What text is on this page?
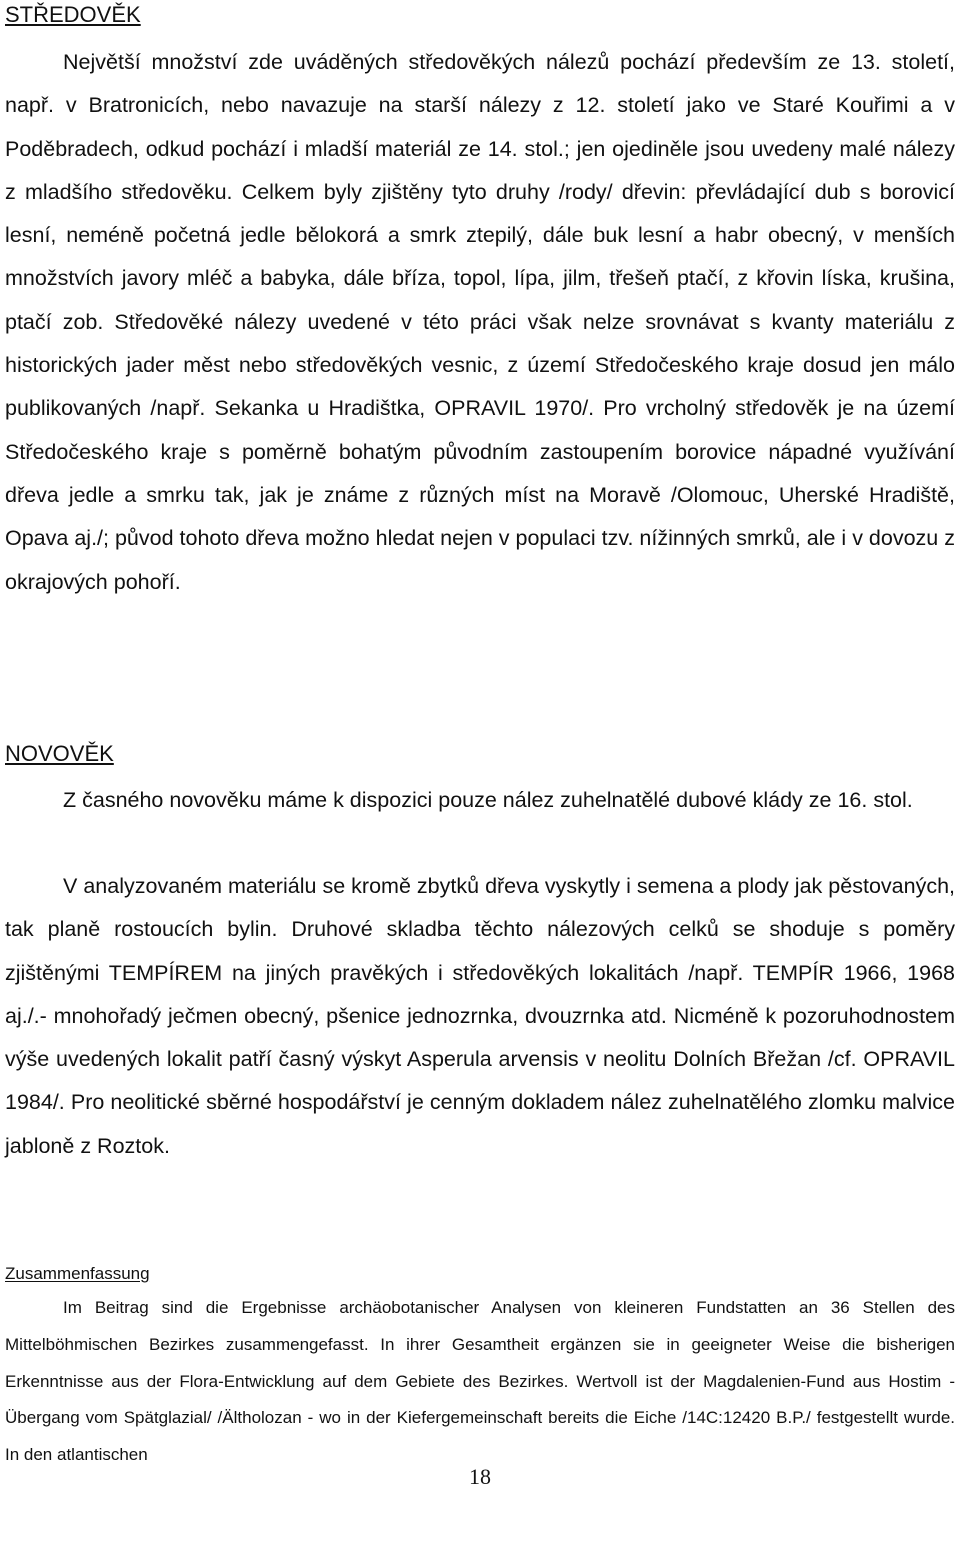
STŘEDOVĚK

Největší množství zde uváděných středověkých nálezů pochází především ze 13. století, např. v Bratronicích, nebo navazuje na starší nálezy z 12. století jako ve Staré Kouřimi a v Poděbradech, odkud pochází i mladší materiál ze 14. stol.; jen ojediněle jsou uvedeny malé nálezy z mladšího středověku. Celkem byly zjištěny tyto druhy /rody/ dřevin: převládající dub s borovicí lesní, neméně početná jedle bělokorá a smrk ztepilý, dále buk lesní a habr obecný, v menších množstvích javory mléč a babyka, dále bříza, topol, lípa, jilm, třešeň ptačí, z křovin líska, krušina, ptačí zob. Středověké nálezy uvedené v této práci však nelze srovnávat s kvanty materiálu z historických jader měst nebo středověkých vesnic, z území Středočeského kraje dosud jen málo publikovaných /např. Sekanka u Hradištka, OPRAVIL 1970/. Pro vrcholný středověk je na území Středočeského kraje s poměrně bohatým původním zastoupením borovice nápadné využívání dřeva jedle a smrku tak, jak je známe z různých míst na Moravě /Olomouc, Uherské Hradiště, Opava aj./; původ tohoto dřeva možno hledat nejen v populaci tzv. nížinných smrků, ale i v dovozu z okrajových pohoří.

NOVOVĚK

Z časného novověku máme k dispozici pouze nález zuhelnatělé dubové klády ze 16. stol.

V analyzovaném materiálu se kromě zbytků dřeva vyskytly i semena a plody jak pěstovaných, tak planě rostoucích bylin. Druhové skladba těchto nálezových celků se shoduje s poměry zjištěnými TEMPÍREM na jiných pravěkých i středověkých lokalitách /např. TEMPÍR 1966, 1968 aj./.- mnohořadý ječmen obecný, pšenice jednozrnka, dvouzrnka atd. Nicméně k pozoruhodnostem výše uvedených lokalit patří časný výskyt Asperula arvensis v neolitu Dolních Břežan /cf. OPRAVIL 1984/. Pro neolitické sběrné hospodářství je cenným dokladem nález zuhelnatělého zlomku malvice jabloně z Roztok.

Zusammenfassung

Im Beitrag sind die Ergebnisse archäobotanischer Analysen von kleineren Fundstatten an 36 Stellen des Mittelböhmischen Bezirkes zusammengefasst. In ihrer Gesamtheit ergänzen sie in geeigneter Weise die bisherigen Erkenntnisse aus der Flora-Entwicklung auf dem Gebiete des Bezirkes. Wertvoll ist der Magdalenien-Fund aus Hostim - Übergang vom Spätglazial/ /Ältholozan - wo in der Kiefergemeinschaft bereits die Eiche /14C:12420 B.P./ festgestellt wurde. In den atlantischen

18
